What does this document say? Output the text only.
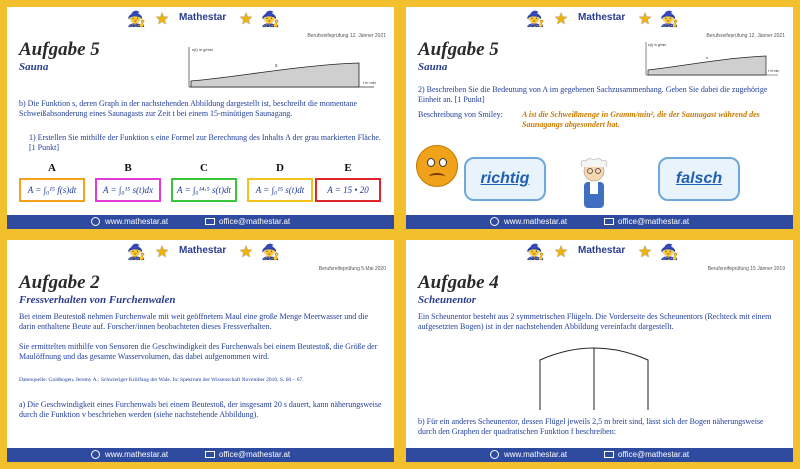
🧙 ★ Mathestar ★ 🧙
Berufsreifeprüfung 12. Jänner 2021
Aufgabe 5
Sauna
s(t) in g/min
t in min
s
b) Die Funktion s, deren Graph in der nachstehenden Abbildung dargestellt ist, beschreibt die momentane Schweißabsonderung eines Saunagasts zur Zeit t bei einem 15-minütigen Saunagang.
1) Erstellen Sie mithilfe der Funktion s eine Formel zur Berechnung des Inhalts A der grau markierten Fläche. [1 Punkt]
A
A = ∫₀¹⁵ f(s)dt
B
A = ∫₀¹⁵ s(t)dx
C
A = ∫₀¹⁴·⁵ s(t)dt
D
A = ∫₀¹⁵ s(t)dt
E
A = 15 • 20
www.mathestar.at	office@mathestar.at
🧙 ★ Mathestar ★ 🧙
Berufsreifeprüfung 12. Jänner 2021
Aufgabe 5
Sauna
s(t) in g/min
t in min
s
2) Beschreiben Sie die Bedeutung von A im gegebenen Sachzusammenhang. Geben Sie dabei die zugehörige Einheit an. [1 Punkt]
Beschreibung von Smiley:	A ist die Schweißmenge in Gramm/min², die der Saunagast während des Saunagangs abgesondert hat.
richtig	falsch
www.mathestar.at	office@mathestar.at
🧙 ★ Mathestar ★ 🧙
Berufsreifeprüfung 5.Mai 2020
Aufgabe 2
Fressverhalten von Furchenwalen
Bei einem Beutestoß nehmen Furchenwale mit weit geöffnetem Maul eine große Menge Meerwasser und die darin enthaltene Beute auf. Forscher/innen beobachteten dieses Fressverhalten.
Sie ermittelten mithilfe von Sensoren die Geschwindigkeit des Furchenwals bei einem Beutestoß, die Größe der Maulöffnung und das gesamte Wasservolumen, das dabei aufgenommen wird.
Datenquelle: Goldbogen, Jeremy A.: Schwieriger Krillfang der Wale. In: Spektrum der Wissenschaft November 2010, S. 60 – 67.
a) Die Geschwindigkeit eines Furchenwals bei einem Beutestoß, der insgesamt 20 s dauert, kann näherungsweise durch die Funktion v beschrieben werden (siehe nachstehende Abbildung).
www.mathestar.at	office@mathestar.at
🧙 ★ Mathestar ★ 🧙
Berufsreifeprüfung 15 Jänner 2019
Aufgabe 4
Scheunentor
Ein Scheunentor besteht aus 2 symmetrischen Flügeln. Die Vorderseite des Scheunentors (Rechteck mit einem aufgesetzten Bogen) ist in der nachstehenden Abbildung vereinfacht dargestellt.
b) Für ein anderes Scheunentor, dessen Flügel jeweils 2,5 m breit sind, lässt sich der Bogen näherungsweise durch den Graphen der quadratischen Funktion f beschreiben:
www.mathestar.at	office@mathestar.at
